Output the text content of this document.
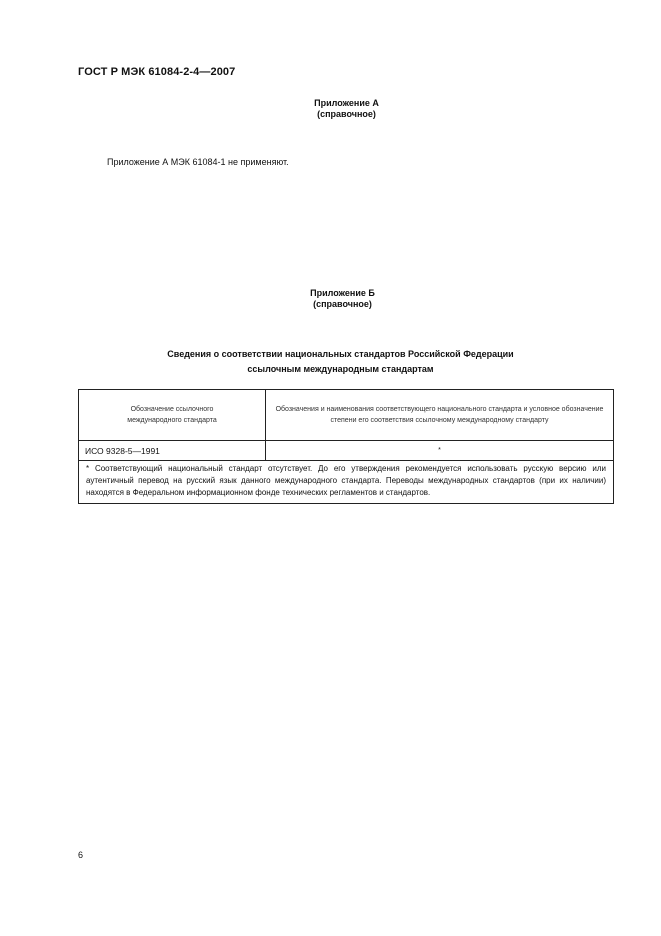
ГОСТ Р МЭК 61084-2-4—2007
Приложение А
(справочное)
Приложение А МЭК 61084-1 не применяют.
Приложение Б
(справочное)
Сведения о соответствии национальных стандартов Российской Федерации
ссылочным международным стандартам
Обозначение ссылочного международного стандарта	Обозначения и наименования соответствующего национального стандарта и условное обозначение степени его соответствия ссылочному международному стандарту
ИСО 9328-5—1991	*
* Соответствующий национальный стандарт отсутствует. До его утверждения рекомендуется использовать русскую версию или аутентичный перевод на русский язык данного международного стандарта. Переводы международных стандартов (при их наличии) находятся в Федеральном информационном фонде технических регламентов и стандартов.	
6
